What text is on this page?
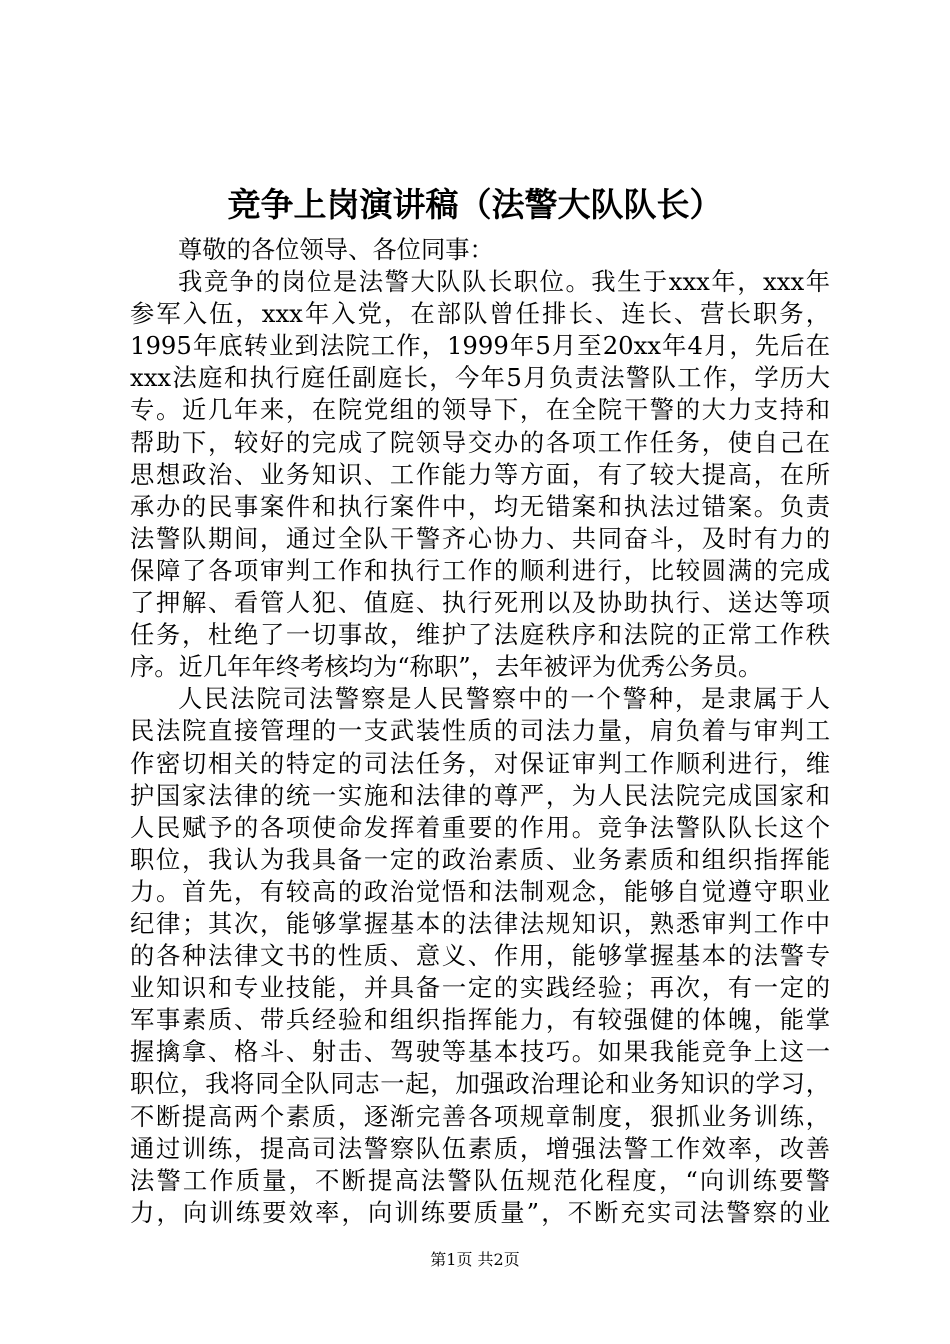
竞争上岗演讲稿（法警大队队长）
尊敬的各位领导、各位同事：
我竞争的岗位是法警大队队长职位。我生于xxx年，xxx年
参军入伍，xxx年入党，在部队曾任排长、连长、营长职务，
1995年底转业到法院工作，1999年5月至20xx年4月，先后在
xxx法庭和执行庭任副庭长，今年5月负责法警队工作，学历大
专。近几年来，在院党组的领导下，在全院干警的大力支持和
帮助下，较好的完成了院领导交办的各项工作任务，使自己在
思想政治、业务知识、工作能力等方面，有了较大提高，在所
承办的民事案件和执行案件中，均无错案和执法过错案。负责
法警队期间，通过全队干警齐心协力、共同奋斗，及时有力的
保障了各项审判工作和执行工作的顺利进行，比较圆满的完成
了押解、看管人犯、值庭、执行死刑以及协助执行、送达等项
任务，杜绝了一切事故，维护了法庭秩序和法院的正常工作秩
序。近几年年终考核均为“称职”，去年被评为优秀公务员。
人民法院司法警察是人民警察中的一个警种，是隶属于人
民法院直接管理的一支武装性质的司法力量，肩负着与审判工
作密切相关的特定的司法任务，对保证审判工作顺利进行，维
护国家法律的统一实施和法律的尊严，为人民法院完成国家和
人民赋予的各项使命发挥着重要的作用。竞争法警队队长这个
职位，我认为我具备一定的政治素质、业务素质和组织指挥能
力。首先，有较高的政治觉悟和法制观念，能够自觉遵守职业
纪律；其次，能够掌握基本的法律法规知识，熟悉审判工作中
的各种法律文书的性质、意义、作用，能够掌握基本的法警专
业知识和专业技能，并具备一定的实践经验；再次，有一定的
军事素质、带兵经验和组织指挥能力，有较强健的体魄，能掌
握擒拿、格斗、射击、驾驶等基本技巧。如果我能竞争上这一
职位，我将同全队同志一起，加强政治理论和业务知识的学习，
不断提高两个素质，逐渐完善各项规章制度，狠抓业务训练，
通过训练，提高司法警察队伍素质，增强法警工作效率，改善
法警工作质量，不断提高法警队伍规范化程度，“向训练要警
力，向训练要效率，向训练要质量”，不断充实司法警察的业
第1页 共2页
